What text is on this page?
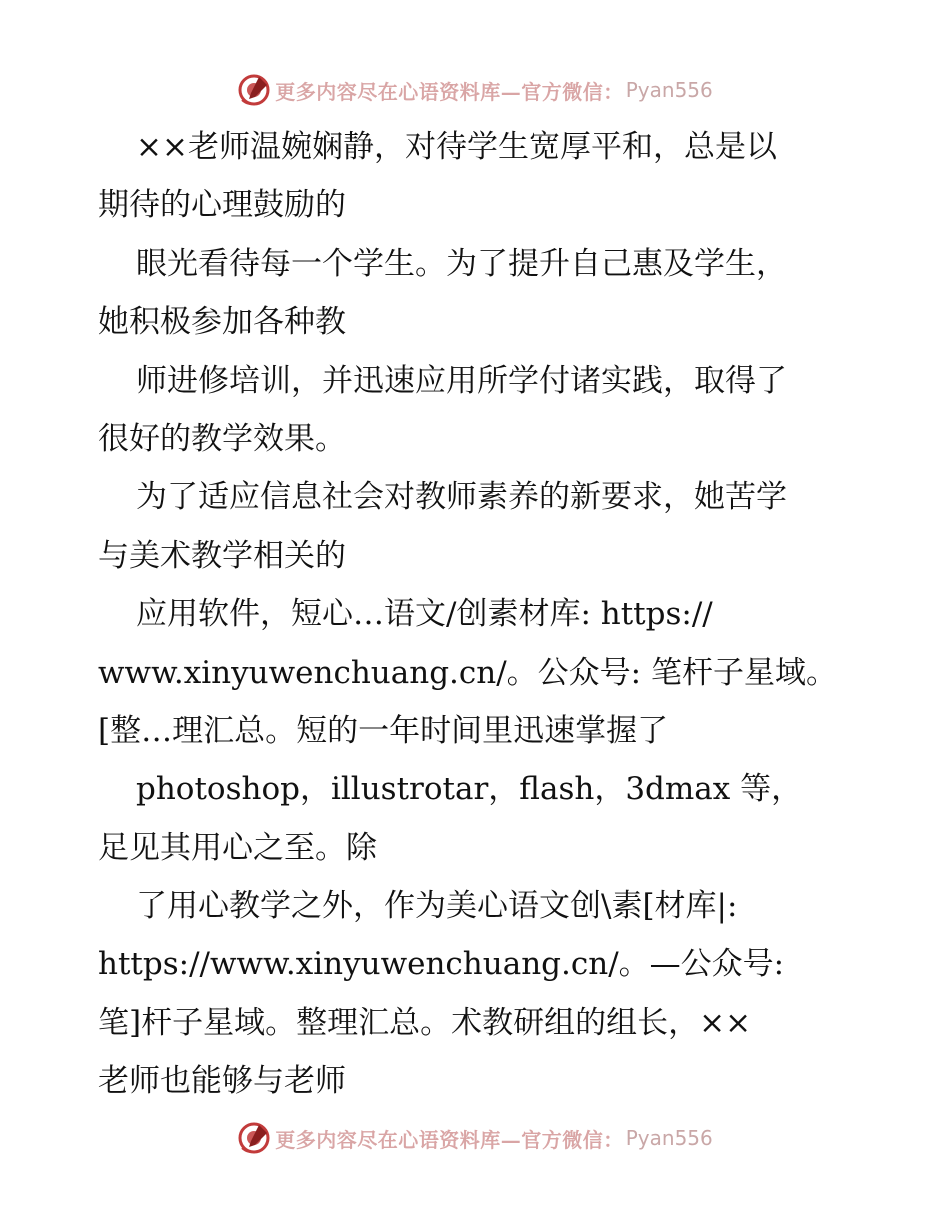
更多内容尽在心语资料库—官方微信： Pyan556
××老师温婉娴静，对待学生宽厚平和，总是以
期待的心理鼓励的
眼光看待每一个学生。为了提升自己惠及学生，
她积极参加各种教
师进修培训，并迅速应用所学付诸实践，取得了
很好的教学效果。
为了适应信息社会对教师素养的新要求，她苦学
与美术教学相关的
应用软件，短心…语文/创素材库: https://
www.xinyuwenchuang.cn/。公众号: 笔杆子星域。
[整…理汇总。短的一年时间里迅速掌握了
photoshop，illustrotar，flash，3dmax 等，
足见其用心之至。除
了用心教学之外，作为美心语文创\素[材库|:
https://www.xinyuwenchuang.cn/。—公众号:
笔]杆子星域。整理汇总。术教研组的组长，××
老师也能够与老师
更多内容尽在心语资料库—官方微信： Pyan556
